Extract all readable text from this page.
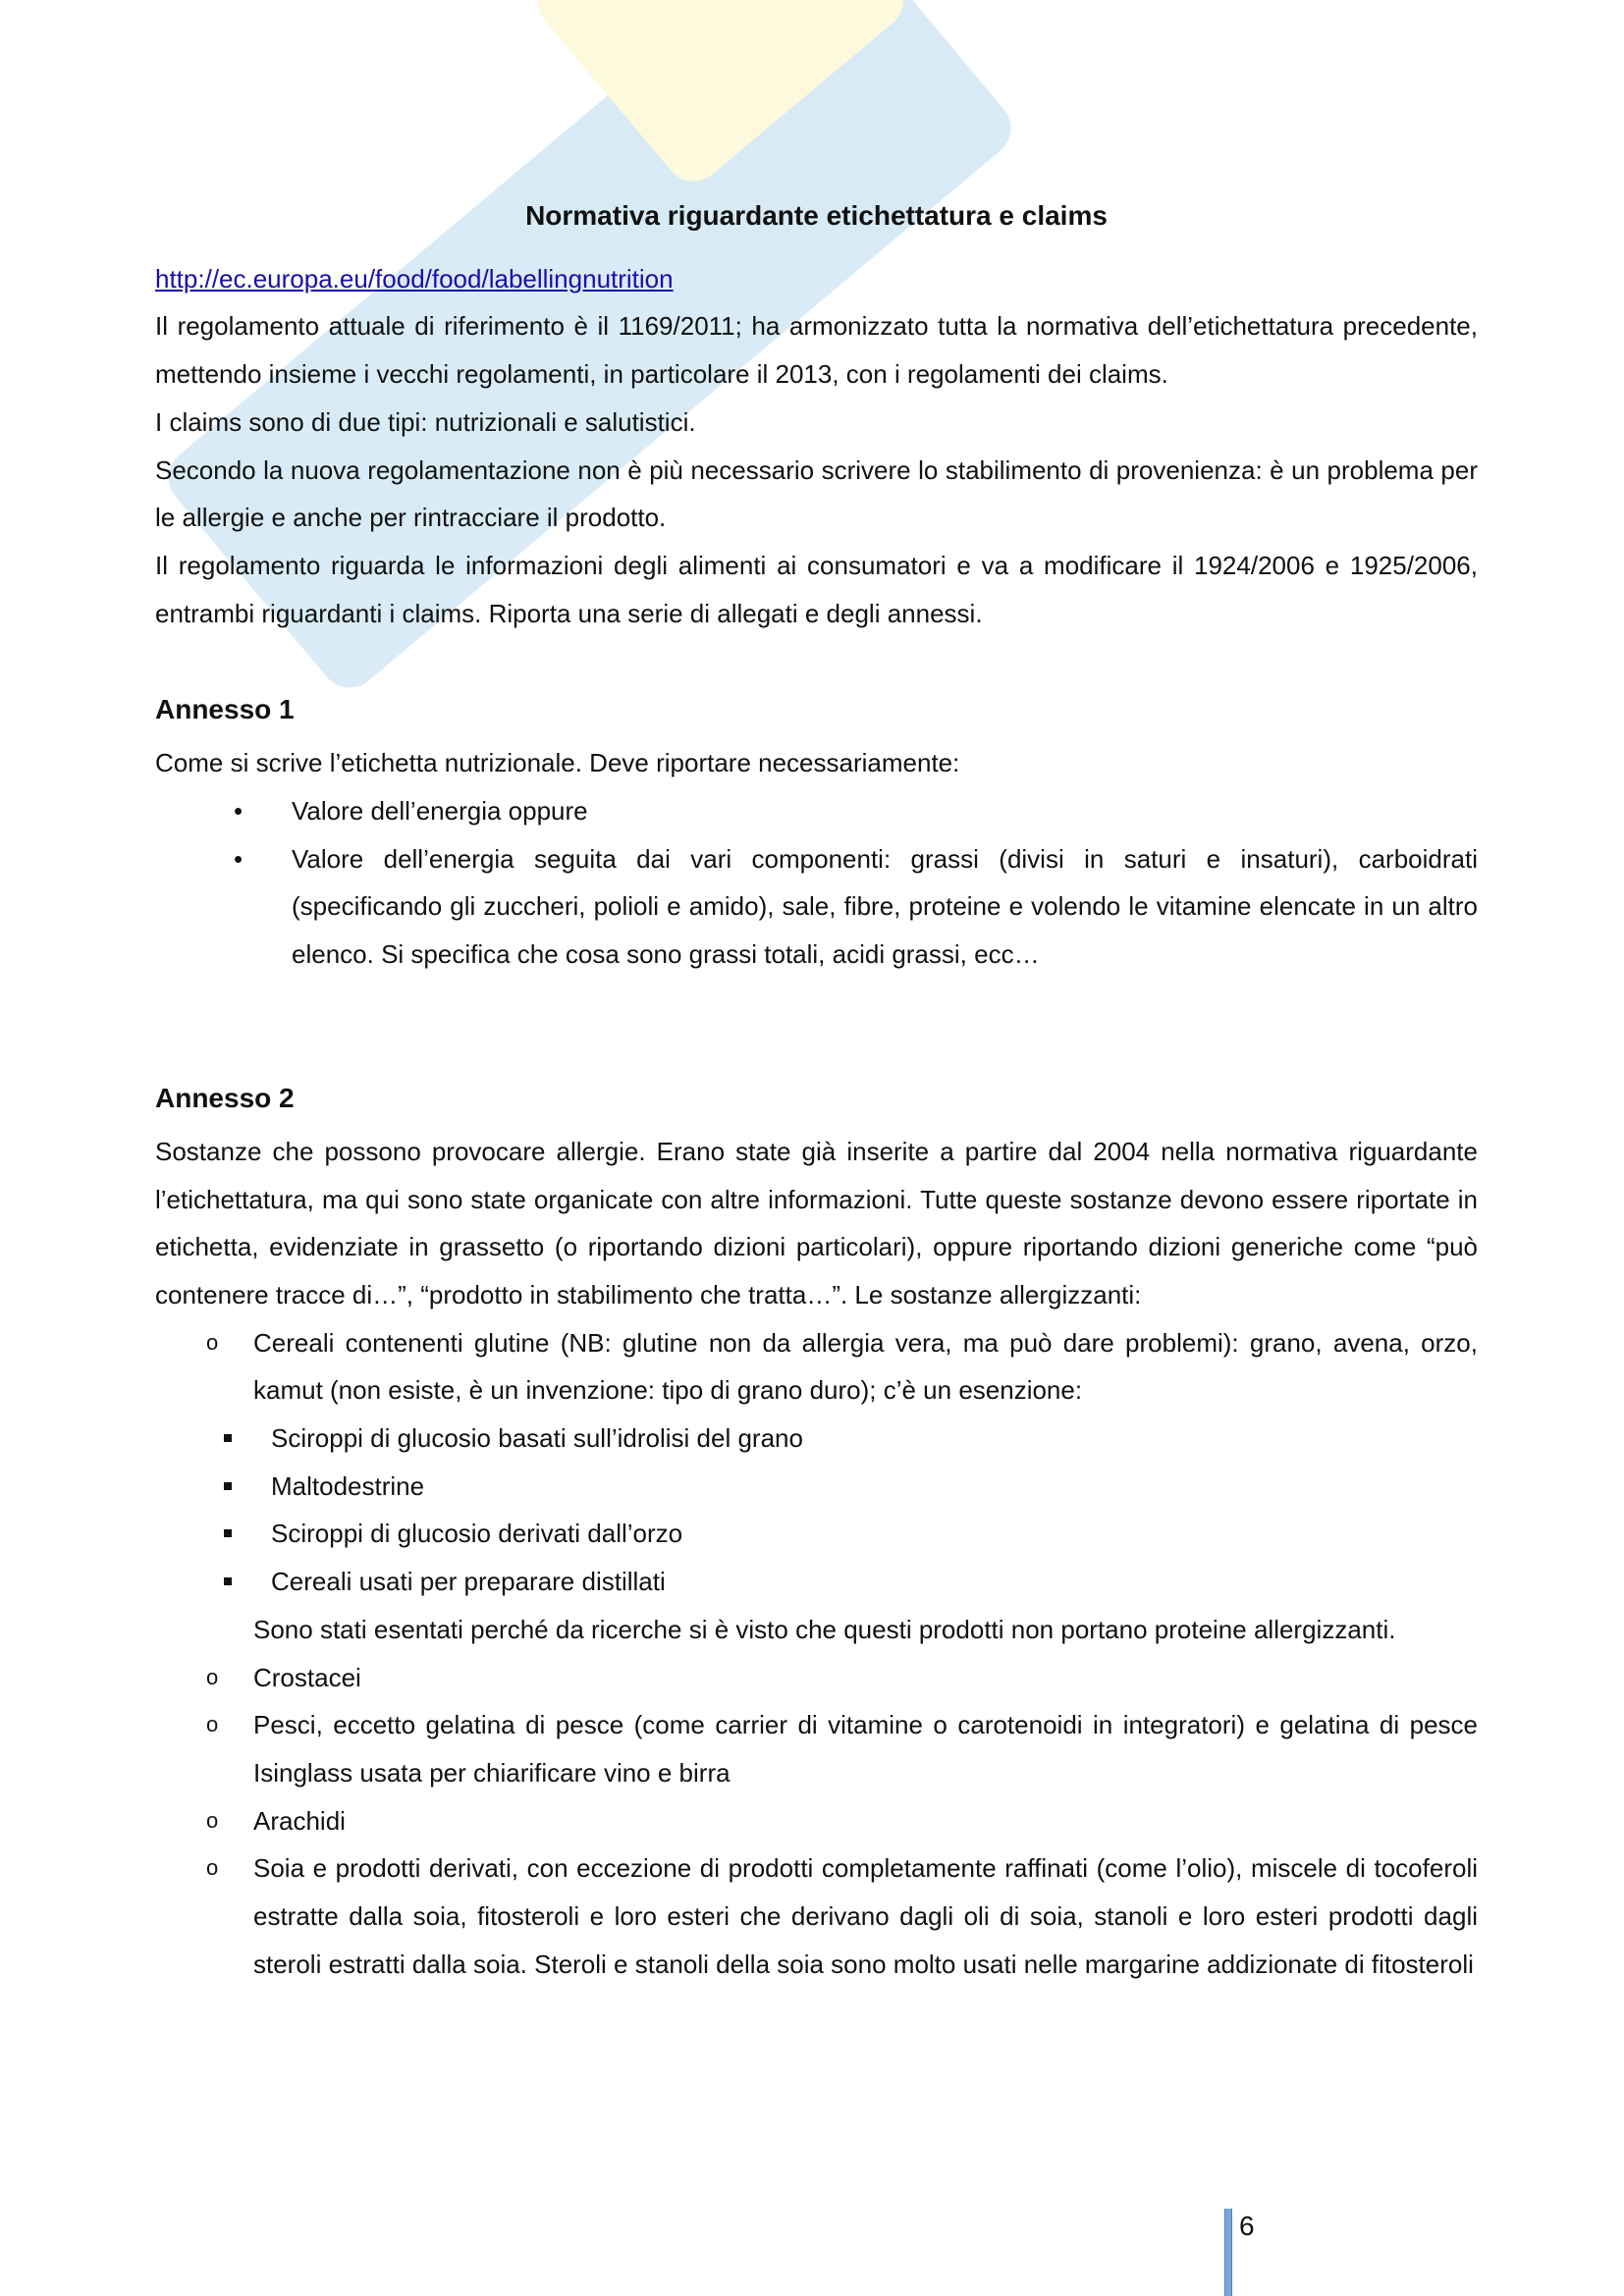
Normativa riguardante etichettatura e claims
http://ec.europa.eu/food/food/labellingnutrition

Il regolamento attuale di riferimento è il 1169/2011; ha armonizzato tutta la normativa dell’etichettatura precedente, mettendo insieme i vecchi regolamenti, in particolare il 2013, con i regolamenti dei claims.

I claims sono di due tipi: nutrizionali e salutistici.

Secondo la nuova regolamentazione non è più necessario scrivere lo stabilimento di provenienza: è un problema per le allergie e anche per rintracciare il prodotto.

Il regolamento riguarda le informazioni degli alimenti ai consumatori e va a modificare il 1924/2006 e 1925/2006, entrambi riguardanti i claims. Riporta una serie di allegati e degli annessi.

Annesso 1

Come si scrive l’etichetta nutrizionale. Deve riportare necessariamente:

• Valore dell’energia oppure
• Valore dell’energia seguita dai vari componenti: grassi (divisi in saturi e insaturi), carboidrati (specificando gli zuccheri, polioli e amido), sale, fibre, proteine e volendo le vitamine elencate in un altro elenco. Si specifica che cosa sono grassi totali, acidi grassi, ecc…
Annesso 2

Sostanze che possono provocare allergie. Erano state già inserite a partire dal 2004 nella normativa riguardante l’etichettatura, ma qui sono state organicate con altre informazioni. Tutte queste sostanze devono essere riportate in etichetta, evidenziate in grassetto (o riportando dizioni particolari), oppure riportando dizioni generiche come “può contenere tracce di…”, “prodotto in stabilimento che tratta…”. Le sostanze allergizzanti:

o Cereali contenenti glutine (NB: glutine non da allergia vera, ma può dare problemi): grano, avena, orzo, kamut (non esiste, è un invenzione: tipo di grano duro); c’è un esenzione:
Sciroppi di glucosio basati sull’idrolisi del grano
Maltodestrine
Sciroppi di glucosio derivati dall’orzo
Cereali usati per preparare distillati

Sono stati esentati perché da ricerche si è visto che questi prodotti non portano proteine allergizzanti.

o Crostacei
o Pesci, eccetto gelatina di pesce (come carrier di vitamine o carotenoidi in integratori) e gelatina di pesce Isinglass usata per chiarificare vino e birra
o Arachidi
o Soia e prodotti derivati, con eccezione di prodotti completamente raffinati (come l’olio), miscele di tocoferoli estratte dalla soia, fitosteroli e loro esteri che derivano dagli oli di soia, stanoli e loro esteri prodotti dagli steroli estratti dalla soia. Steroli e stanoli della soia sono molto usati nelle margarine addizionate di fitosteroli
6
